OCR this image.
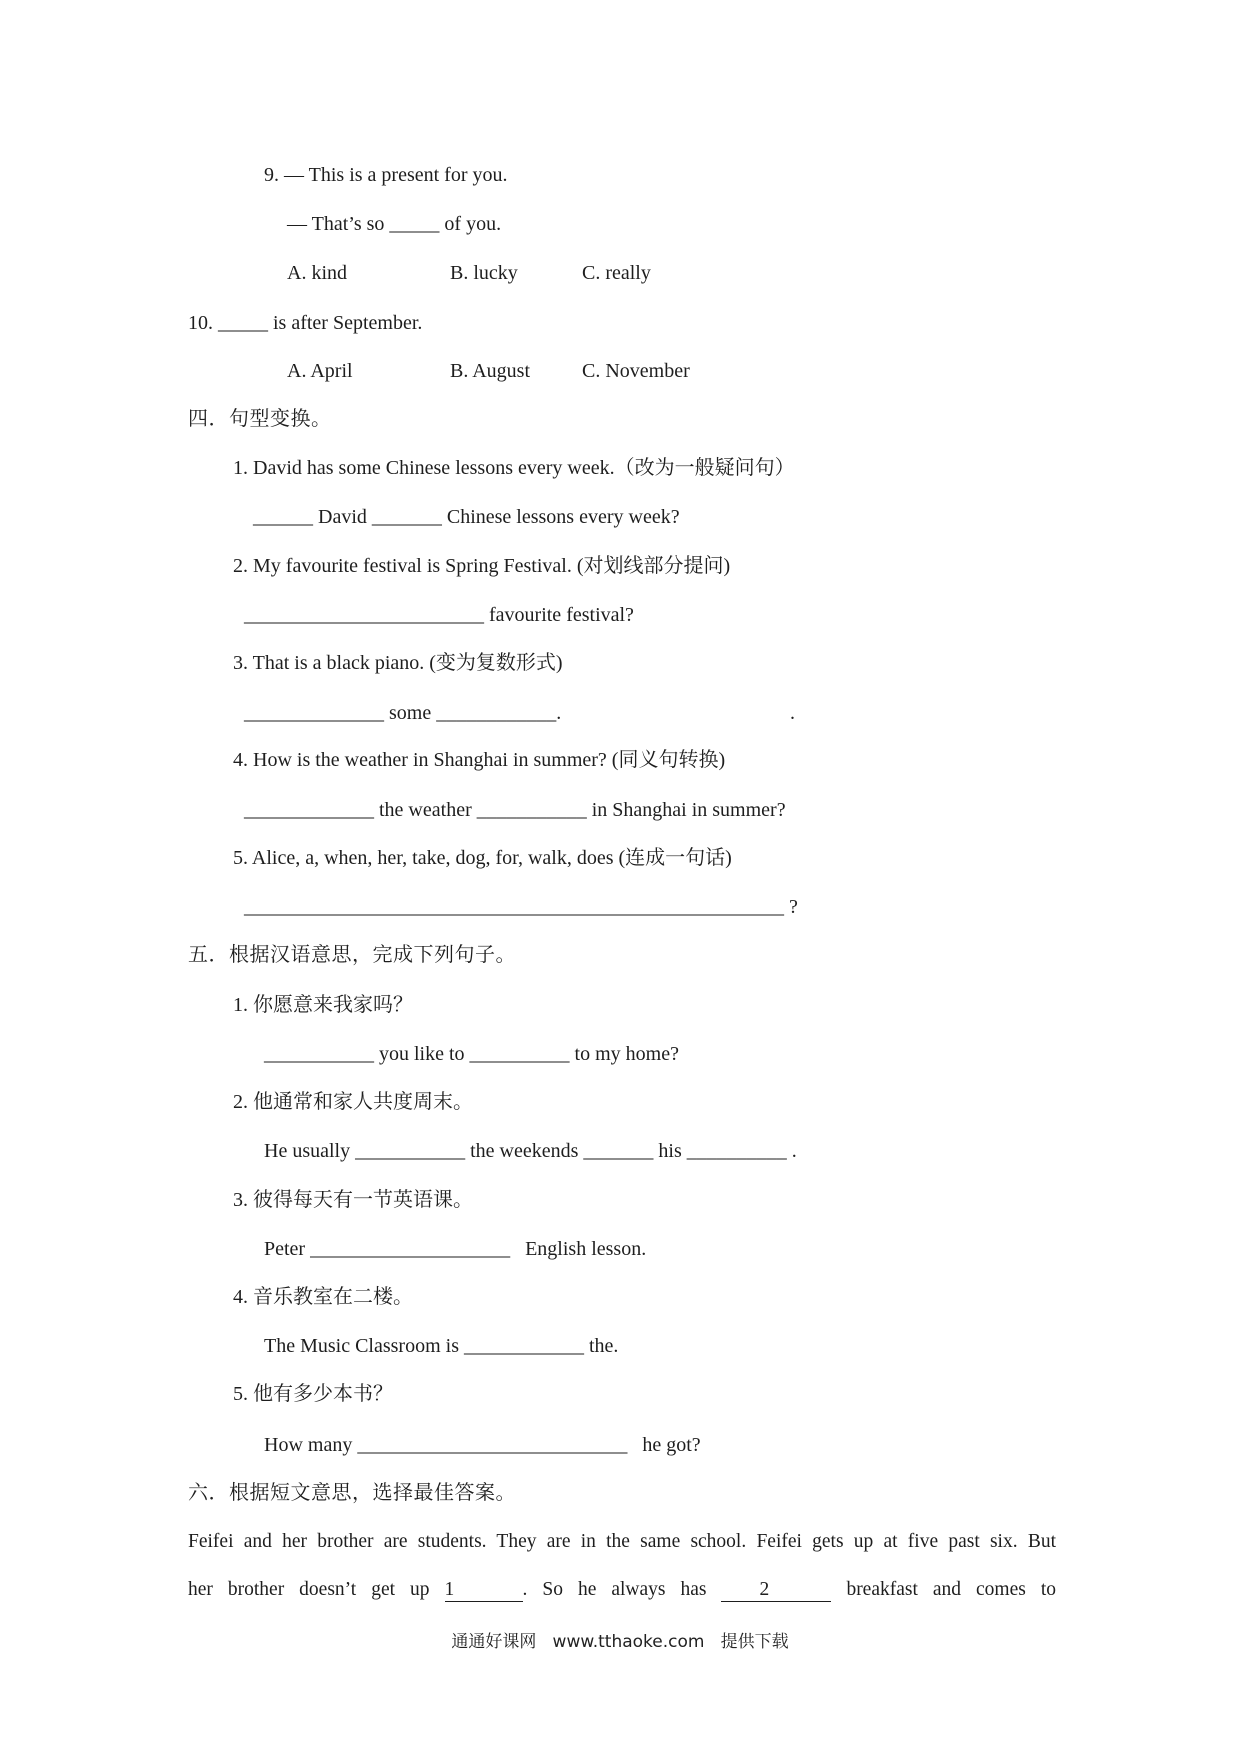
9. — This is a present for you.
— That’s so _____ of you.
A. kind	B. lucky	C. really
10. _____ is after September.
A. April	B. August	C. November
四．句型变换。
1. David has some Chinese lessons every week.（改为一般疑问句）
______ David _______ Chinese lessons every week?
2. My favourite festival is Spring Festival. (对划线部分提问)
________________________ favourite festival?
3. That is a black piano. (变为复数形式)
______________ some ____________.	.
4. How is the weather in Shanghai in summer? (同义句转换)
_____________ the weather ___________ in Shanghai in summer?
5. Alice, a, when, her, take, dog, for, walk, does (连成一句话)
______________________________________________________ ?
五．根据汉语意思，完成下列句子。
1. 你愿意来我家吗？
___________ you like to __________ to my home?
2. 他通常和家人共度周末。
He usually ___________ the weekends _______ his __________ .
3. 彼得每天有一节英语课。
Peter ____________________   English lesson.
4. 音乐教室在二楼。
The Music Classroom is ____________ the.
5. 他有多少本书？
How many ___________________________   he got?
六．根据短文意思，选择最佳答案。
Feifei and her brother are students. They are in the same school. Feifei gets up at five past six. But
her brother doesn’t get up 1	. So he always has	2	breakfast and comes to
通通好课网   www.tthaoke.com   提供下载
